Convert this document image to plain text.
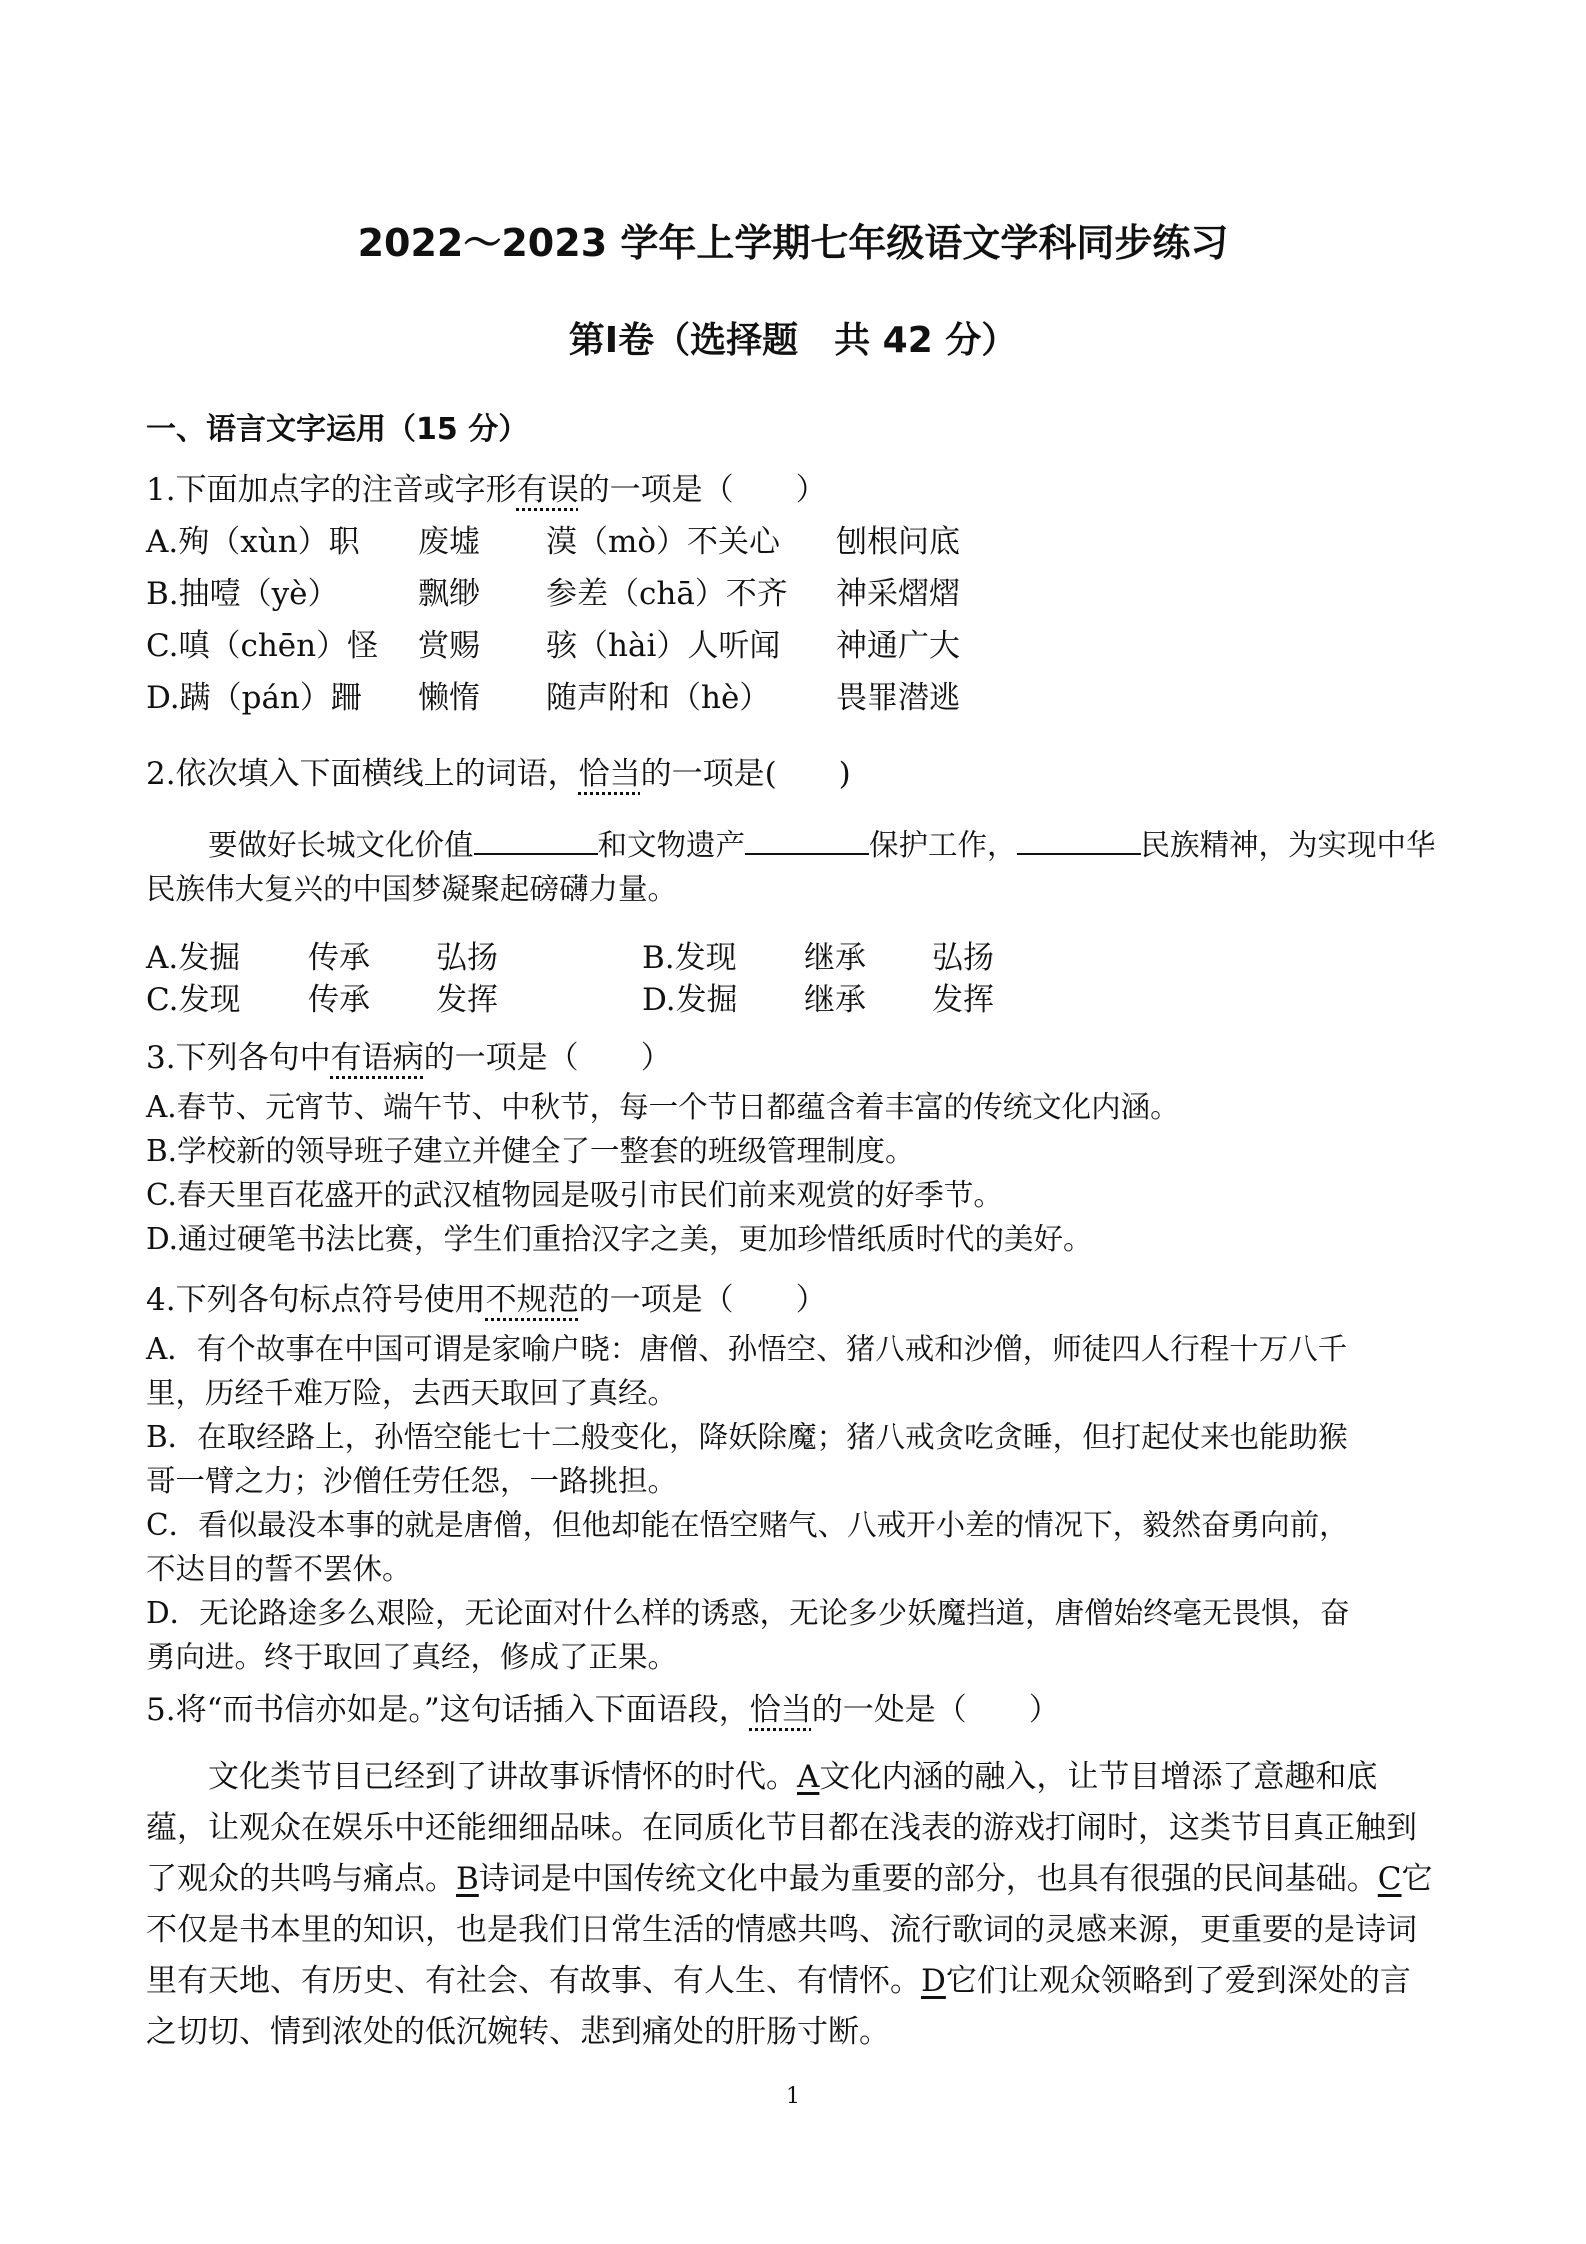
2022～2023 学年上学期七年级语文学科同步练习
第Ⅰ卷（选择题　共 42 分）
一、语言文字运用（15 分）
1.下面加点字的注音或字形有误的一项是（　　）
A.殉（xùn）职 废墟 漠（mò）不关心 刨根问底
B.抽噎（yè）	飘缈 参差（chā）不齐 神采熠熠
C.嗔（chēn）怪 赏赐 骇（hài）人听闻 神通广大
D.蹒（pán）跚 懒惰 随声附和（hè） 畏罪潜逃
2.依次填入下面横线上的词语，恰当的一项是(　　)
要做好长城文化价值	和文物遗产	保护工作，	民族精神，为实现中华
民族伟大复兴的中国梦凝聚起磅礴力量。
A.发掘 传承 弘扬	B.发现 继承 弘扬
C.发现 传承 发挥	D.发掘 继承 发挥
3.下列各句中有语病的一项是（　　）
A.春节、元宵节、端午节、中秋节，每一个节日都蕴含着丰富的传统文化内涵。
B.学校新的领导班子建立并健全了一整套的班级管理制度。
C.春天里百花盛开的武汉植物园是吸引市民们前来观赏的好季节。
D.通过硬笔书法比赛，学生们重拾汉字之美，更加珍惜纸质时代的美好。
4.下列各句标点符号使用不规范的一项是（　　）
A．有个故事在中国可谓是家喻户晓：唐僧、孙悟空、猪八戒和沙僧，师徒四人行程十万八千
里，历经千难万险，去西天取回了真经。
B．在取经路上，孙悟空能七十二般变化，降妖除魔；猪八戒贪吃贪睡，但打起仗来也能助猴
哥一臂之力；沙僧任劳任怨，一路挑担。
C．看似最没本事的就是唐僧，但他却能在悟空赌气、八戒开小差的情况下，毅然奋勇向前，
不达目的誓不罢休。
D．无论路途多么艰险，无论面对什么样的诱惑，无论多少妖魔挡道，唐僧始终毫无畏惧，奋
勇向进。终于取回了真经，修成了正果。
5.将“而书信亦如是。”这句话插入下面语段，恰当的一处是（　　）
文化类节目已经到了讲故事诉情怀的时代。A文化内涵的融入，让节目增添了意趣和底蕴，让观众在娱乐中还能细细品味。在同质化节目都在浅表的游戏打闹时，这类节目真正触到了观众的共鸣与痛点。B诗词是中国传统文化中最为重要的部分，也具有很强的民间基础。C它不仅是书本里的知识，也是我们日常生活的情感共鸣、流行歌词的灵感来源，更重要的是诗词里有天地、有历史、有社会、有故事、有人生、有情怀。D它们让观众领略到了爱到深处的言之切切、情到浓处的低沉婉转、悲到痛处的肝肠寸断。
1
